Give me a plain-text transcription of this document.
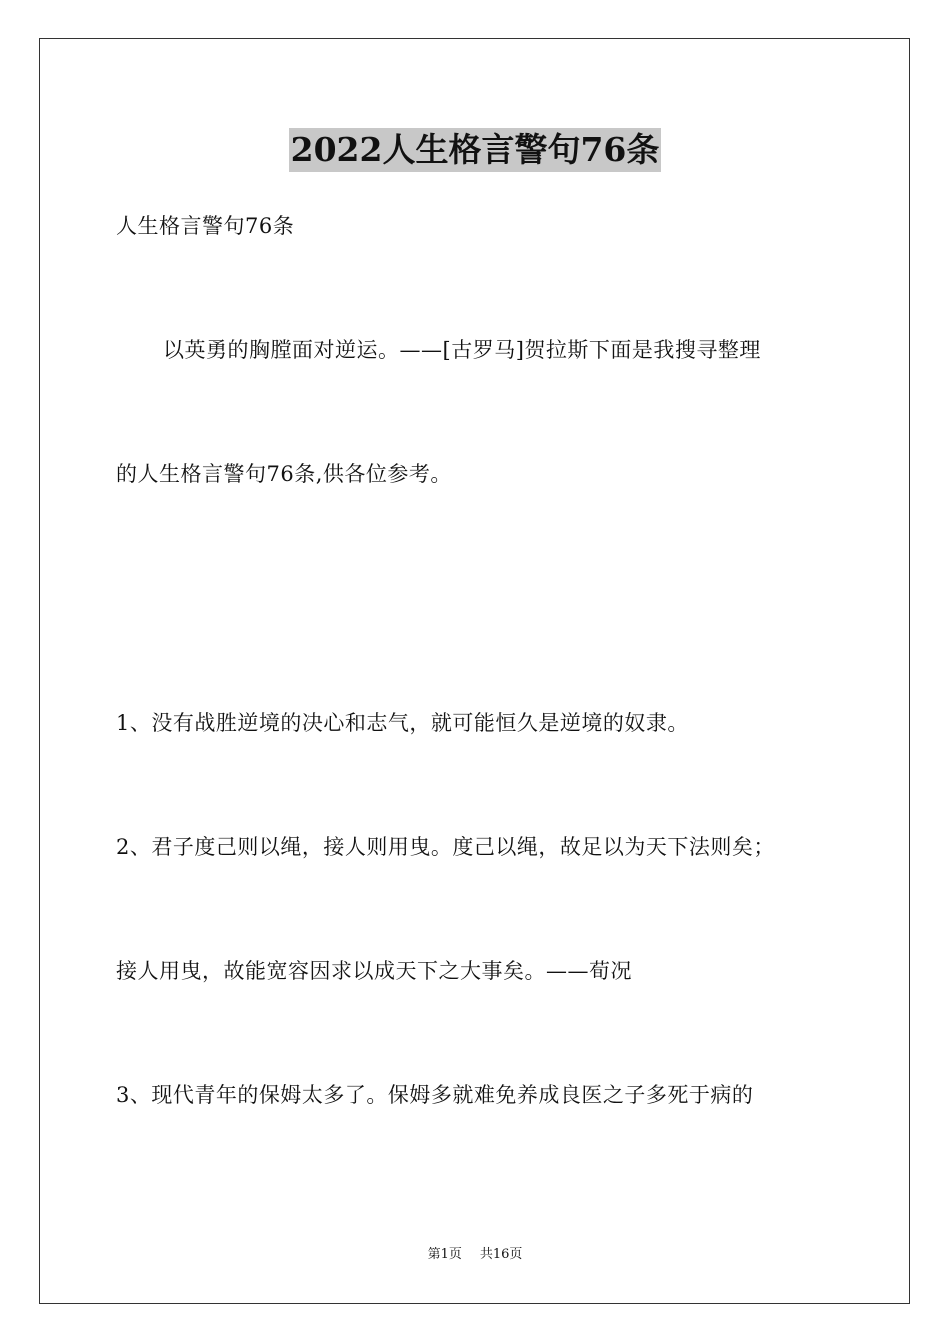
2022人生格言警句76条
人生格言警句76条
以英勇的胸膛面对逆运。——[古罗马]贺拉斯下面是我搜寻整理
的人生格言警句76条,供各位参考。
1、没有战胜逆境的决心和志气，就可能恒久是逆境的奴隶。
2、君子度己则以绳，接人则用曳。度己以绳，故足以为天下法则矣；
接人用曳，故能宽容因求以成天下之大事矣。——荀况
3、现代青年的保姆太多了。保姆多就难免养成良医之子多死于病的
第1页 共16页
